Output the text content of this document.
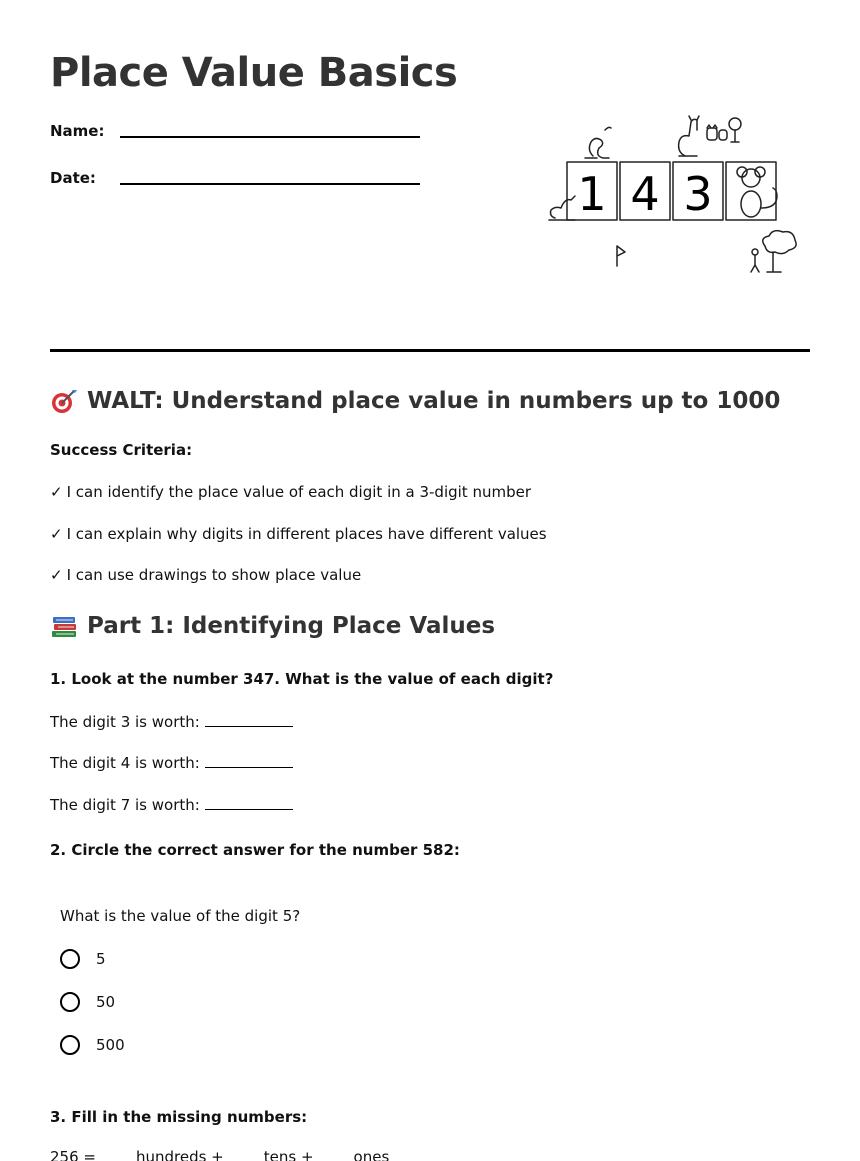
Place Value Basics
Name:
Date:	1 4 3
WALT: Understand place value in numbers up to 1000
Success Criteria:
✓ I can identify the place value of each digit in a 3-digit number
✓ I can explain why digits in different places have different values
✓ I can use drawings to show place value
Part 1: Identifying Place Values
1. Look at the number 347. What is the value of each digit?
The digit 3 is worth:
The digit 4 is worth:
The digit 7 is worth:
2. Circle the correct answer for the number 582:
What is the value of the digit 5?
5
50
500
3. Fill in the missing numbers:
256 =	hundreds +	tens +	ones
